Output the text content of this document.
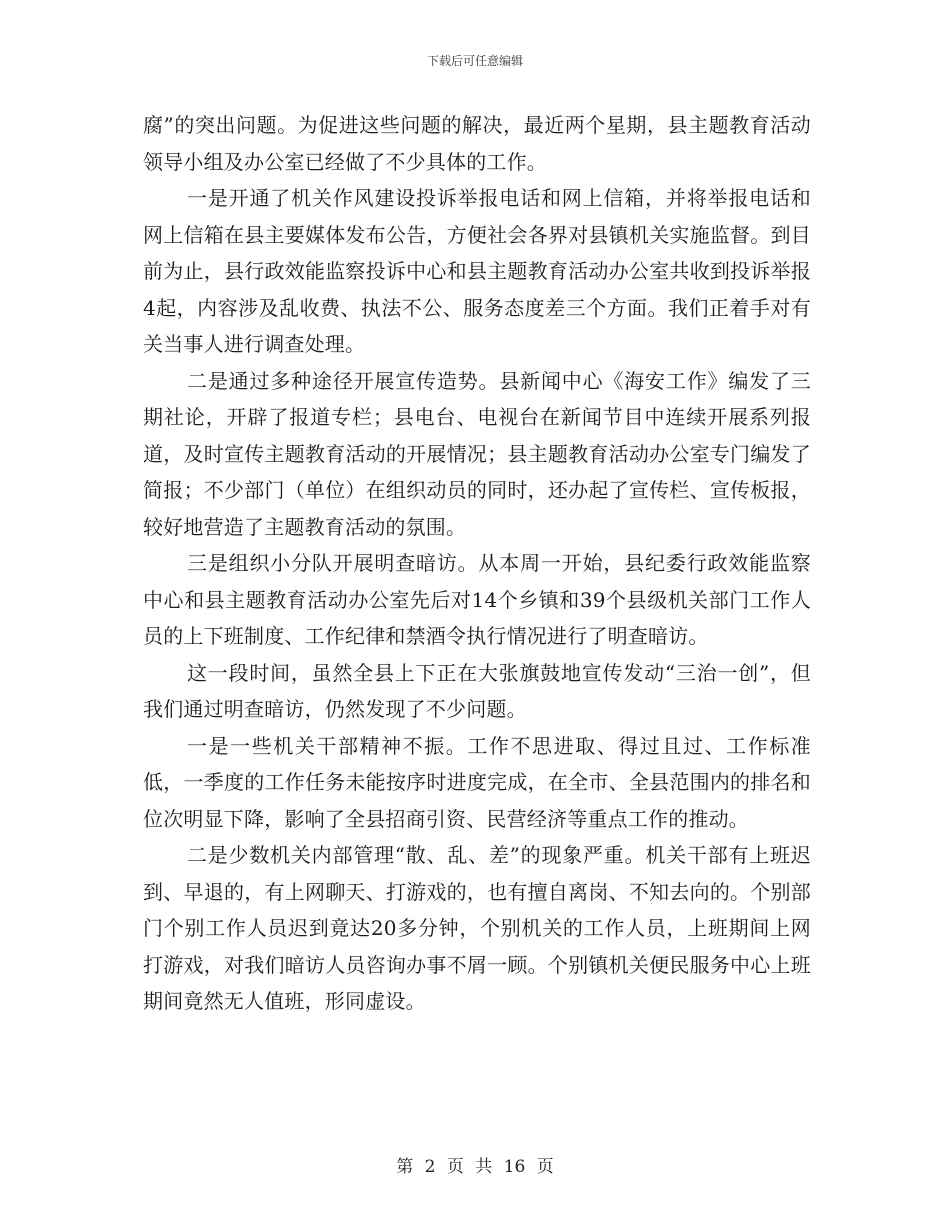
下载后可任意编辑

腐”的突出问题。为促进这些问题的解决，最近两个星期，县主题教育活动领导小组及办公室已经做了不少具体的工作。

一是开通了机关作风建设投诉举报电话和网上信箱，并将举报电话和网上信箱在县主要媒体发布公告，方便社会各界对县镇机关实施监督。到目前为止，县行政效能监察投诉中心和县主题教育活动办公室共收到投诉举报4起，内容涉及乱收费、执法不公、服务态度差三个方面。我们正着手对有关当事人进行调查处理。

二是通过多种途径开展宣传造势。县新闻中心《海安工作》编发了三期社论，开辟了报道专栏；县电台、电视台在新闻节目中连续开展系列报道，及时宣传主题教育活动的开展情况；县主题教育活动办公室专门编发了简报；不少部门（单位）在组织动员的同时，还办起了宣传栏、宣传板报，较好地营造了主题教育活动的氛围。

三是组织小分队开展明查暗访。从本周一开始，县纪委行政效能监察中心和县主题教育活动办公室先后对14个乡镇和39个县级机关部门工作人员的上下班制度、工作纪律和禁酒令执行情况进行了明查暗访。

这一段时间，虽然全县上下正在大张旗鼓地宣传发动“三治一创”，但我们通过明查暗访，仍然发现了不少问题。

一是一些机关干部精神不振。工作不思进取、得过且过、工作标准低，一季度的工作任务未能按序时进度完成，在全市、全县范围内的排名和位次明显下降，影响了全县招商引资、民营经济等重点工作的推动。

二是少数机关内部管理“散、乱、差”的现象严重。机关干部有上班迟到、早退的，有上网聊天、打游戏的，也有擅自离岗、不知去向的。个别部门个别工作人员迟到竟达20多分钟，个别机关的工作人员，上班期间上网打游戏，对我们暗访人员咨询办事不屑一顾。个别镇机关便民服务中心上班期间竟然无人值班，形同虚设。

第 2 页 共 16 页
